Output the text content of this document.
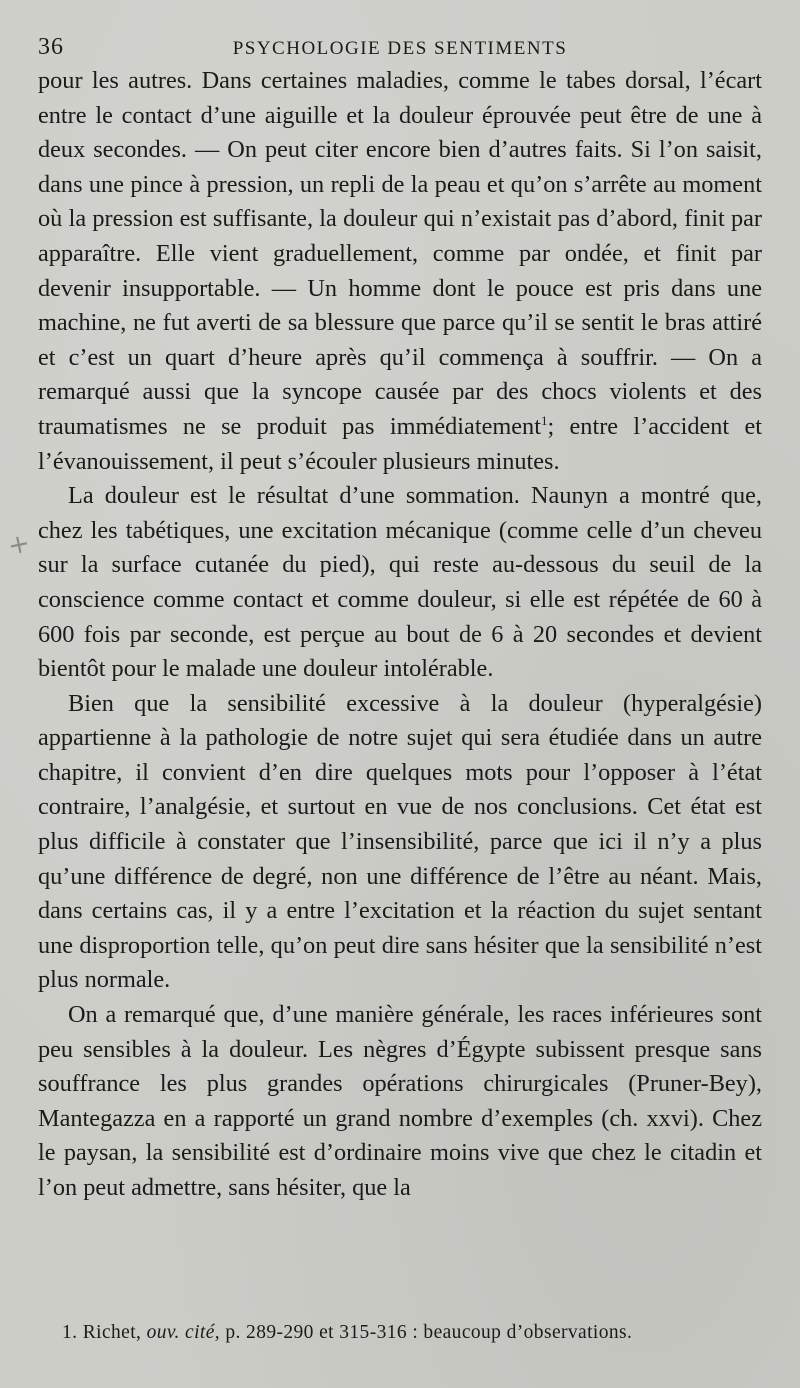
36	PSYCHOLOGIE DES SENTIMENTS
+

pour les autres. Dans certaines maladies, comme le tabes dorsal, l’écart entre le contact d’une aiguille et la douleur éprouvée peut être de une à deux secondes. — On peut citer encore bien d’autres faits. Si l’on saisit, dans une pince à pression, un repli de la peau et qu’on s’arrête au moment où la pression est suffisante, la douleur qui n’existait pas d’abord, finit par apparaître. Elle vient graduellement, comme par ondée, et finit par devenir insupportable. — Un homme dont le pouce est pris dans une machine, ne fut averti de sa blessure que parce qu’il se sentit le bras attiré et c’est un quart d’heure après qu’il commença à souffrir. — On a remarqué aussi que la syncope causée par des chocs violents et des traumatismes ne se produit pas immédiatement$^1$; entre l’accident et l’évanouissement, il peut s’écouler plusieurs minutes.

La douleur est le résultat d’une sommation. Naunyn a montré que, chez les tabétiques, une excitation mécanique (comme celle d’un cheveu sur la surface cutanée du pied), qui reste au-dessous du seuil de la conscience comme contact et comme douleur, si elle est répétée de 60 à 600 fois par seconde, est perçue au bout de 6 à 20 secondes et devient bientôt pour le malade une douleur intolérable.

Bien que la sensibilité excessive à la douleur (hyperalgésie) appartienne à la pathologie de notre sujet qui sera étudiée dans un autre chapitre, il convient d’en dire quelques mots pour l’opposer à l’état contraire, l’analgésie, et surtout en vue de nos conclusions. Cet état est plus difficile à constater que l’insensibilité, parce que ici il n’y a plus qu’une différence de degré, non une différence de l’être au néant. Mais, dans certains cas, il y a entre l’excitation et la réaction du sujet sentant une disproportion telle, qu’on peut dire sans hésiter que la sensibilité n’est plus normale.

On a remarqué que, d’une manière générale, les races inférieures sont peu sensibles à la douleur. Les nègres d’Égypte subissent presque sans souffrance les plus grandes opérations chirurgicales (Pruner-Bey), Mantegazza en a rapporté un grand nombre d’exemples (ch. xxvi). Chez le paysan, la sensibilité est d’ordinaire moins vive que chez le citadin et l’on peut admettre, sans hésiter, que la

1. Richet, ouv. cité, p. 289-290 et 315-316 : beaucoup d’observations.
